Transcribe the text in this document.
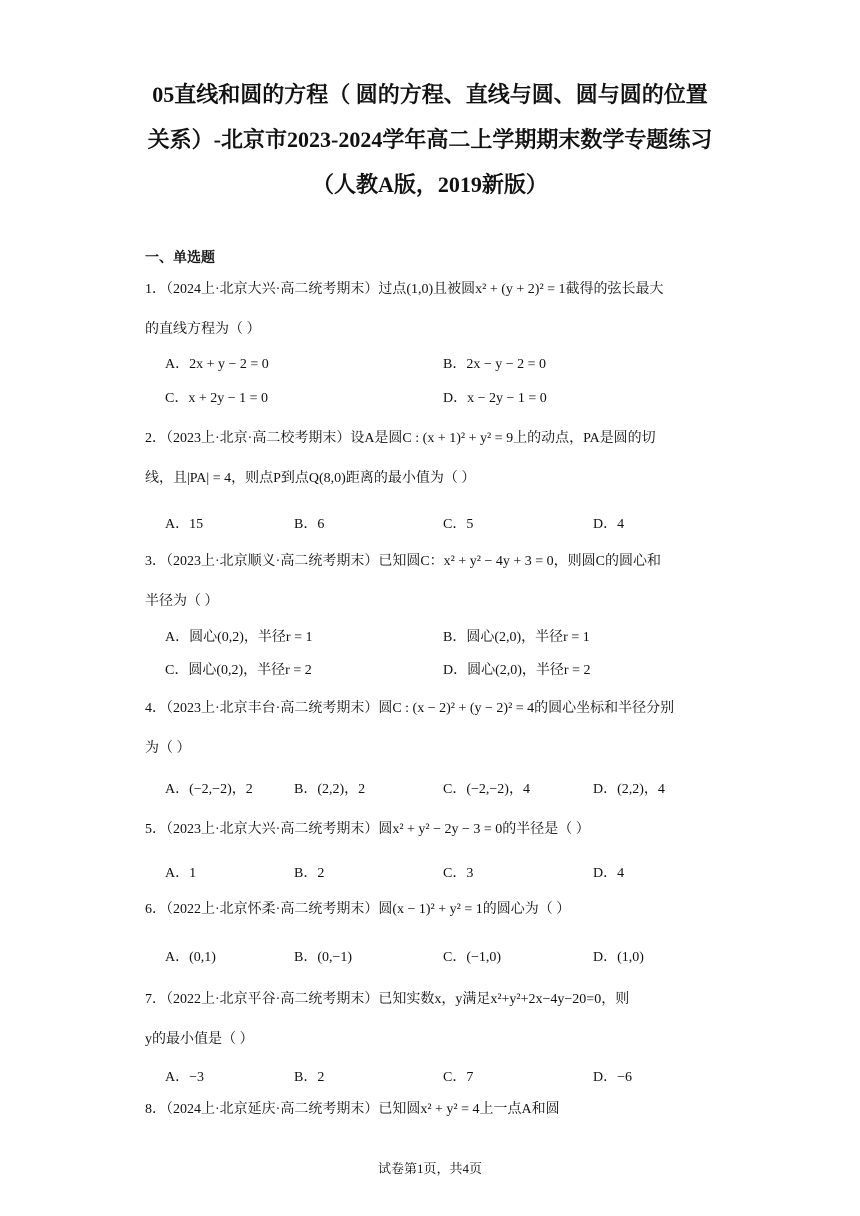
05直线和圆的方程（ 圆的方程、直线与圆、圆与圆的位置
关系）-北京市2023-2024学年高二上学期期末数学专题练习
（人教A版，2019新版）
一、单选题
1．（2024上·北京大兴·高二统考期末）过点(1,0)且被圆x² + (y + 2)² = 1截得的弦长最大
的直线方程为（ ）
A．2x + y − 2 = 0	B．2x − y − 2 = 0
C．x + 2y − 1 = 0	D．x − 2y − 1 = 0
2．（2023上·北京·高二校考期末）设A是圆C : (x + 1)² + y² = 9上的动点，PA是圆的切
线，且|PA| = 4，则点P到点Q(8,0)距离的最小值为（ ）
A．15	B．6	C．5	D．4
3．（2023上·北京顺义·高二统考期末）已知圆C：x² + y² − 4y + 3 = 0，则圆C的圆心和
半径为（ ）
A．圆心(0,2)，半径r = 1	B．圆心(2,0)，半径r = 1
C．圆心(0,2)，半径r = 2	D．圆心(2,0)，半径r = 2
4．（2023上·北京丰台·高二统考期末）圆C : (x − 2)² + (y − 2)² = 4的圆心坐标和半径分别
为（ ）
A．(−2,−2)，2	B．(2,2)，2	C．(−2,−2)，4	D．(2,2)，4
5．（2023上·北京大兴·高二统考期末）圆x² + y² − 2y − 3 = 0的半径是（ ）
A．1	B．2	C．3	D．4
6．（2022上·北京怀柔·高二统考期末）圆(x − 1)² + y² = 1的圆心为（ ）
A．(0,1)	B．(0,−1)	C．(−1,0)	D．(1,0)
7．（2022上·北京平谷·高二统考期末）已知实数x，y满足x²+y²+2x−4y−20=0，则
y的最小值是（ ）
A．−3	B．2	C．7	D．−6
8．（2024上·北京延庆·高二统考期末）已知圆x² + y² = 4上一点A和圆
试卷第1页，共4页
